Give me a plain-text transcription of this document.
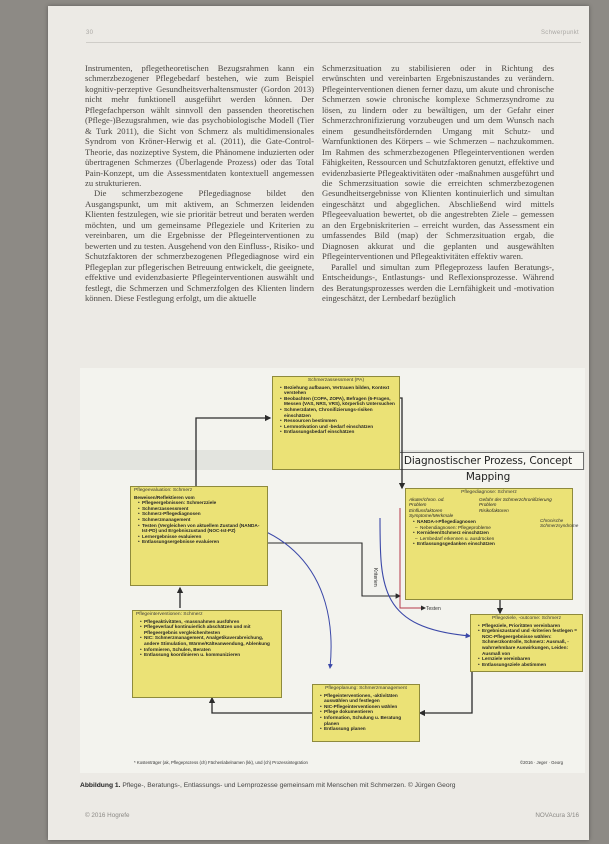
30	Schwerpunkt

Instrumenten, pflegetheoretischen Bezugsrahmen kann ein schmerzbezogener Pflegebedarf bestehen, wie zum Beispiel kognitiv-perzeptive Gesundheitsverhaltensmuster (Gordon 2013) nicht mehr funktionell ausgeführt werden können. Der Pflegefachperson wählt sinnvoll den passenden theoretischen (Pflege-)Bezugsrahmen, wie das psychobiologische Modell (Tier & Turk 2011), die Sicht von Schmerz als multidimensionales Syndrom von Kröner-Herwig et al. (2011), die Gate-Control-Theorie, das nozizeptive System, die Phänomene induzierten oder übertragenen Schmerzes (Überlagende Prozess) oder das Total Pain-Konzept, um die Assessmentdaten kontextuell angemessen zu strukturieren.

Die schmerzbezogene Pflegediagnose bildet den Ausgangspunkt, um mit aktivem, an Schmerzen leidenden Klienten festzulegen, wie sie prioritär betreut und beraten werden möchten, und um gemeinsame Pflegeziele und Kriterien zu vereinbaren, um die Ergebnisse der Pflegeinterventionen zu bewerten und zu testen. Ausgehend von den Einfluss-, Risiko- und Schutzfaktoren der schmerzbezogenen Pflegediagnose wird ein Pflegeplan zur pflegerischen Betreuung entwickelt, die geeignete, effektive und evidenzbasierte Pflegeinterventionen auswählt und festlegt, die Schmerzen und Schmerzfolgen des Klienten lindern können. Diese Festlegung erfolgt, um die aktuelle

Schmerzsituation zu stabilisieren oder in Richtung des erwünschten und vereinbarten Ergebniszustandes zu verändern. Pflegeinterventionen dienen ferner dazu, um akute und chronische Schmerzen sowie chronische komplexe Schmerzsyndrome zu lösen, zu lindern oder zu bewältigen, um der Gefahr einer Schmerzchronifizierung vorzubeugen und um dem Wunsch nach einem gesundheitsfördernden Umgang mit Schutz- und Warnfunktionen des Körpers – wie Schmerzen – nachzukommen. Im Rahmen des schmerzbezogenen Pflegeinterventionen werden Fähigkeiten, Ressourcen und Schutzfaktoren genutzt, effektive und evidenzbasierte Pflegeaktivitäten oder -maßnahmen ausgeführt und die Schmerzsituation sowie die erreichten schmerzbezogenen Gesundheitsergebnisse von Klienten kontinuierlich und simultan eingeschätzt und abgeglichen. Abschließend wird mittels Pflegeevaluation bewertet, ob die angestrebten Ziele – gemessen an den Ergebniskriterien – erreicht wurden, das Assessment ein umfassendes Bild (map) der Schmerzsituation ergab, die Diagnosen akkurat und die geplanten und ausgewählten Pflegeinterventionen und Pflegeaktivitäten effektiv waren.

Parallel und simultan zum Pflegeprozess laufen Beratungs-, Entscheidungs-, Entlastungs- und Reflexionsprozesse. Während des Beratungsprozesses werden die Lernfähigkeit und -motivation eingeschätzt, der Lernbedarf bezüglich

Diagnostischer Prozess, Concept Mapping
Schmerzassessment (PA)
• Beziehung aufbauen, Vertrauen bilden, Kontext verstehen
• Beobachten (COPA, ZOPA), Befragen (6-Fragen, Messen (VAS, NRS, VRS), körperlich Untersuchen
• Schmerzdaten, Chronifizierungs-risiken einschätzen
• Ressourcen bestimmen
• Lernmotivation und -bedarf einschätzen
• Entlassungsbedarf einschätzen
Pflegeevaluation: Schmerz
Beweisen/Reflektieren vom
• Pflegeergebnissen: Schmerzziele
• Schmerzassessment
• Schmerz-Pflegediagnosen
• Schmerzmanagement
• Testen (Vergleichen von aktuellem Zustand (NANDA-Ist-PD) und Ergebniszustand (NOC-Ist-PZ)
• Lernergebnisse evaluieren
• Entlassungsergebnisse evaluieren
Pflegediagnose: Schmerz
Akuter/chron. od.
Problem
Einflussfaktoren
Symptome/Merkmale
Gefahr der Schmerzchronifizierung
Problem
Risikofaktoren
• NANDA-I-Pflegediagnosen
– Nebendiagnosen: Pflegeprobleme
• Kernideen/Schmerz einschätzen
– Lernbedarf erkennen u. ausdrücken
• Entlassungsgedanken einschätzen
Chronische Schmerzsyndrome
Pflegeinterventionen: Schmerz
• Pflegeaktivitäten, -massnahmen ausführen
• Pflegeverlauf kontinuierlich abschätzen und mit Pflegeergebnis vergleichen/testen
• NIC: Schmerzmanagement, Analgetikaverabreichung, andere Stimulation, Wärme/Kälteanwendung, Ablenkung
• Informieren, Schulen, Beraten
• Entlassung koordinieren u. kommunizieren
Pflegeziele, -outcome: Schmerz
• Pflegeziele, Prioritäten vereinbaren
• Ergebniszustand und -kriterien festlegen = NOC-Pflegeergebnisse wählen: Schmerzkontrolle, Schmerz: Ausmaß, -wahrnehmbare Auswirkungen, Leiden: Ausmaß von
• Lernziele vereinbaren
• Entlassungsziele abstimmen
Pflegeplanung: Schmerzmanagement
• Pflegeinterventionen, -aktivitäten auswählen und festlegen
• NIC-Pflegeinterventionen wählen
• Pflege dokumentieren
• Information, Schulung u. Beratung planen
• Entlassung planen
Kriterien
Testen
* Kostenträger (ak, Pflegeprozess (ch) Fächenlabelnamen (kk), und (ch) Prozessintegration	©2016 · Jeger · Georg
Abbildung 1. Pflege-, Beratungs-, Entlassungs- und Lernprozesse gemeinsam mit Menschen mit Schmerzen. © Jürgen Georg
© 2016 Hogrefe	NOVAcura 3/16
